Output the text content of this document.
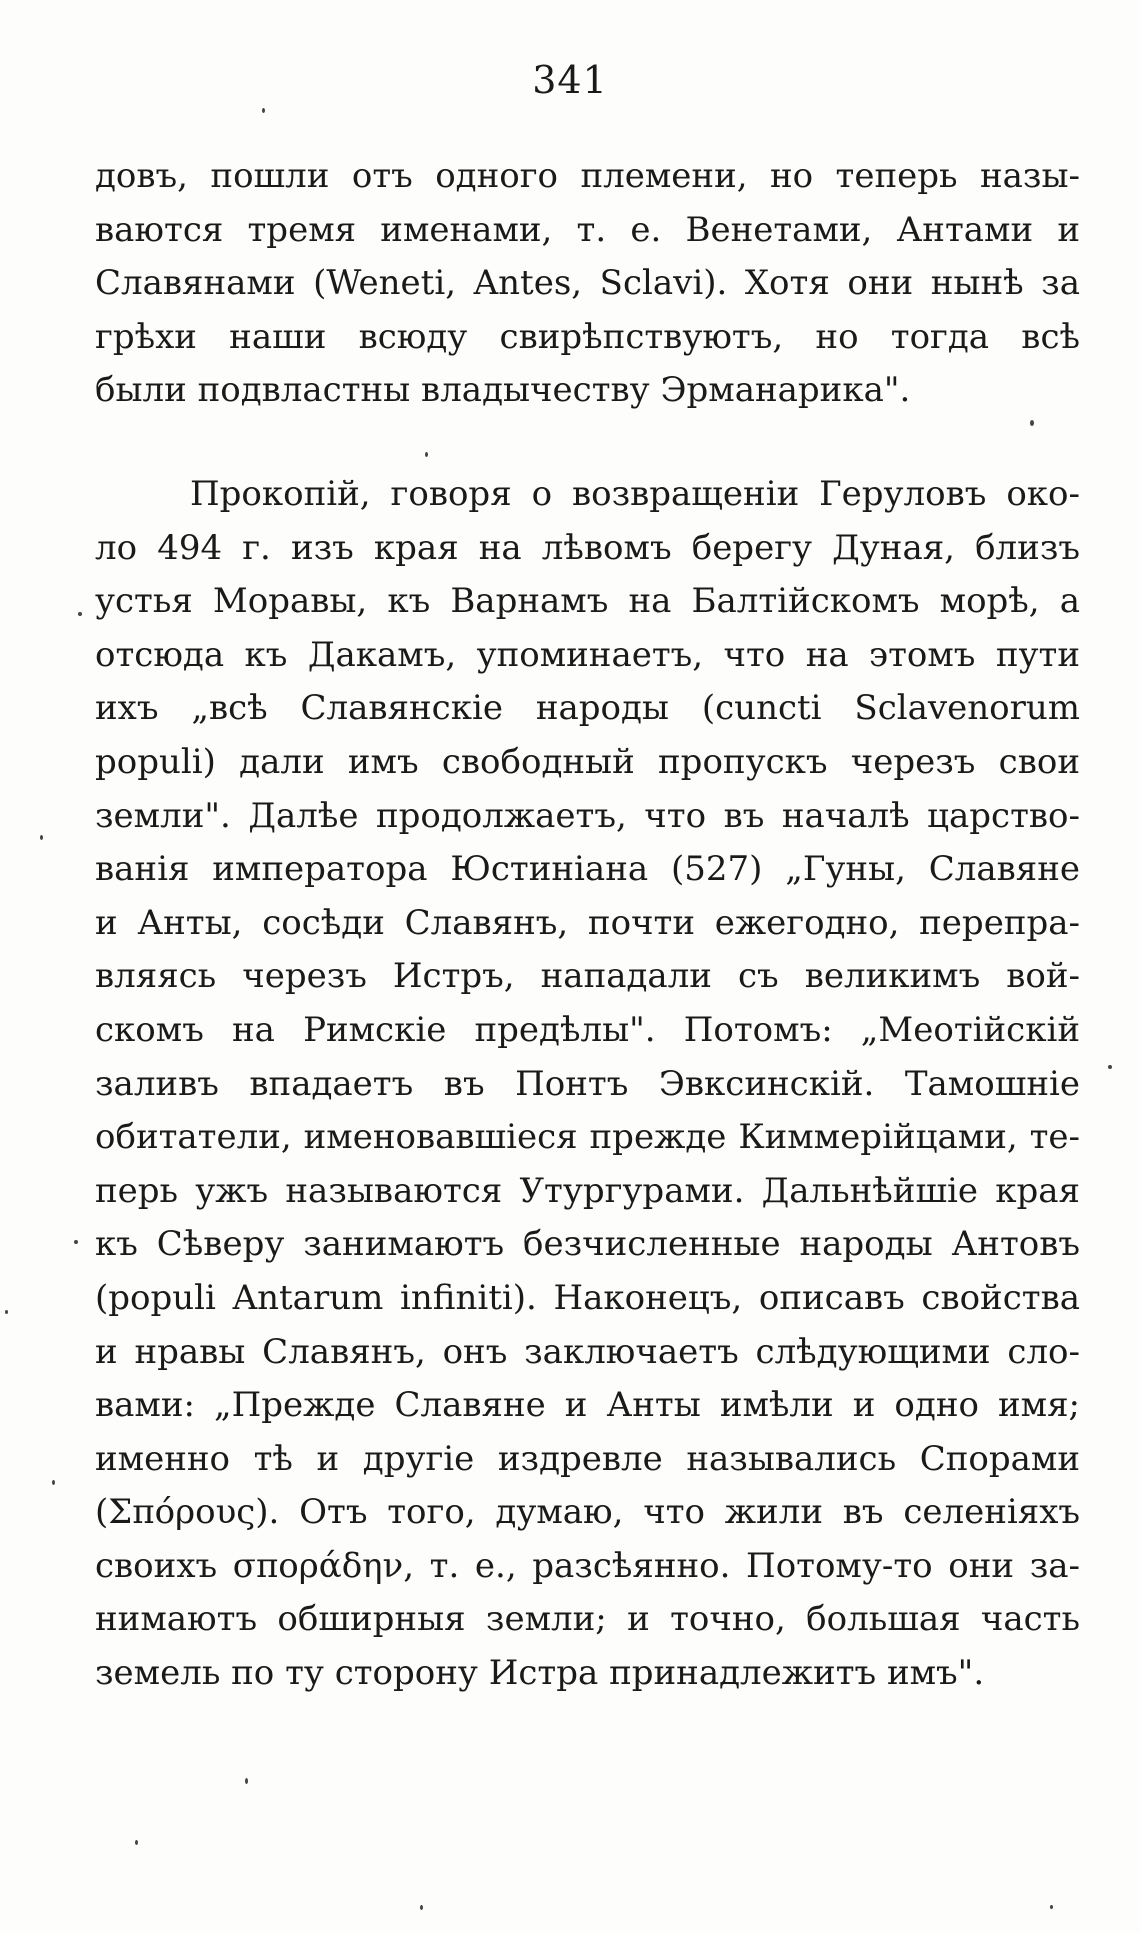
341
довъ, пошли отъ одного племени, но теперь назы-
ваются тремя именами, т. е. Венетами, Антами и
Славянами (Weneti, Antes, Sclavi). Хотя они нынѣ за
грѣхи наши всюду свирѣпствуютъ, но тогда всѣ
были подвластны владычеству Эрманарика".
Прокопій, говоря о возвращеніи Геруловъ око-
ло 494 г. изъ края на лѣвомъ берегу Дуная, близъ
устья Моравы, къ Варнамъ на Балтійскомъ морѣ, а
отсюда къ Дакамъ, упоминаетъ, что на этомъ пути
ихъ „всѣ Славянскіе народы (cuncti Sclavenorum
populi) дали имъ свободный пропускъ черезъ свои
земли". Далѣе продолжаетъ, что въ началѣ царство-
ванія императора Юстиніана (527) „Гуны, Славяне
и Анты, сосѣди Славянъ, почти ежегодно, перепра-
вляясь черезъ Истръ, нападали съ великимъ вой-
скомъ на Римскіе предѣлы". Потомъ: „Меотійскій
заливъ впадаетъ въ Понтъ Эвксинскій. Тамошніе
обитатели, именовавшіеся прежде Киммерійцами, те-
перь ужъ называются Утургурами. Дальнѣйшіе края
къ Сѣверу занимаютъ безчисленные народы Антовъ
(populi Antarum infiniti). Наконецъ, описавъ свойства
и нравы Славянъ, онъ заключаетъ слѣдующими сло-
вами: „Прежде Славяне и Анты имѣли и одно имя;
именно тѣ и другіе издревле назывались Спорами
(Σπόρους). Отъ того, думаю, что жили въ селеніяхъ
своихъ σποράδην, т. е., разсѣянно. Потому-то они за-
нимаютъ обширныя земли; и точно, большая часть
земель по ту сторону Истра принадлежитъ имъ".
